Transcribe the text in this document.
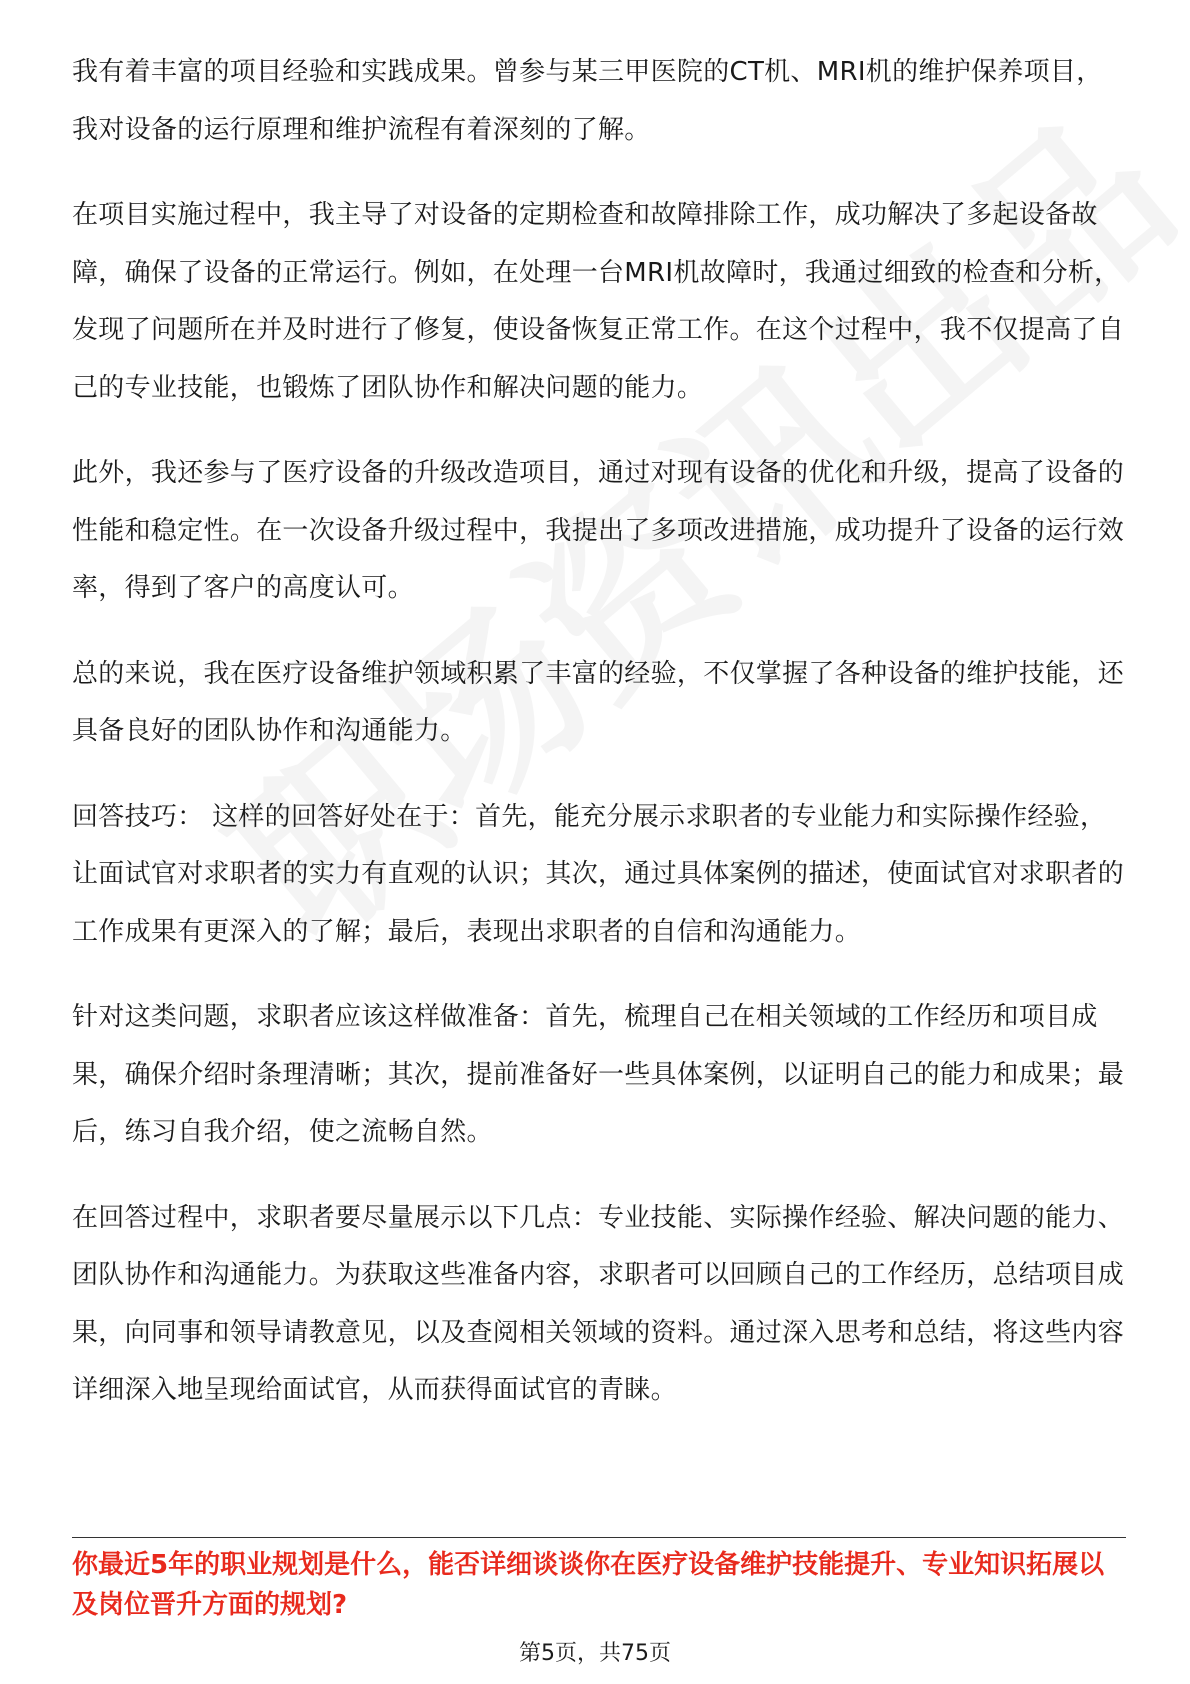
我有着丰富的项目经验和实践成果。曾参与某三甲医院的CT机、MRI机的维护保养项目，我对设备的运行原理和维护流程有着深刻的了解。

在项目实施过程中，我主导了对设备的定期检查和故障排除工作，成功解决了多起设备故障，确保了设备的正常运行。例如，在处理一台MRI机故障时，我通过细致的检查和分析，发现了问题所在并及时进行了修复，使设备恢复正常工作。在这个过程中，我不仅提高了自己的专业技能，也锻炼了团队协作和解决问题的能力。

此外，我还参与了医疗设备的升级改造项目，通过对现有设备的优化和升级，提高了设备的性能和稳定性。在一次设备升级过程中，我提出了多项改进措施，成功提升了设备的运行效率，得到了客户的高度认可。

总的来说，我在医疗设备维护领域积累了丰富的经验，不仅掌握了各种设备的维护技能，还具备良好的团队协作和沟通能力。

回答技巧： 这样的回答好处在于：首先，能充分展示求职者的专业能力和实际操作经验，让面试官对求职者的实力有直观的认识；其次，通过具体案例的描述，使面试官对求职者的工作成果有更深入的了解；最后，表现出求职者的自信和沟通能力。

针对这类问题，求职者应该这样做准备：首先，梳理自己在相关领域的工作经历和项目成果，确保介绍时条理清晰；其次，提前准备好一些具体案例，以证明自己的能力和成果；最后，练习自我介绍，使之流畅自然。

在回答过程中，求职者要尽量展示以下几点：专业技能、实际操作经验、解决问题的能力、团队协作和沟通能力。为获取这些准备内容，求职者可以回顾自己的工作经历，总结项目成果，向同事和领导请教意见，以及查阅相关领域的资料。通过深入思考和总结，将这些内容详细深入地呈现给面试官，从而获得面试官的青睐。

你最近5年的职业规划是什么，能否详细谈谈你在医疗设备维护技能提升、专业知识拓展以及岗位晋升方面的规划?

第5页，共75页
